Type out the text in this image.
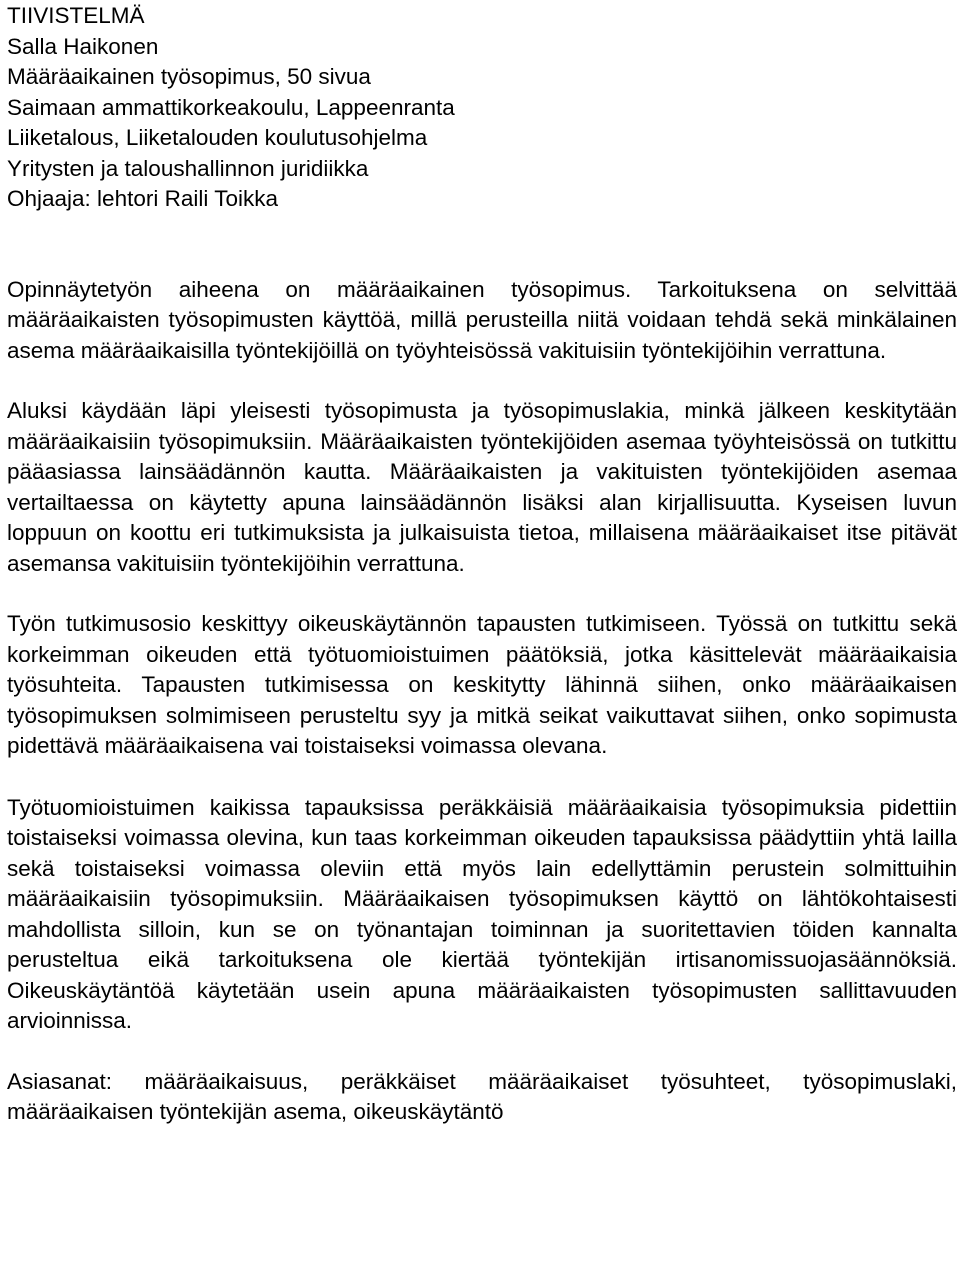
TIIVISTELMÄ
Salla Haikonen
Määräaikainen työsopimus, 50 sivua
Saimaan ammattikorkeakoulu, Lappeenranta
Liiketalous, Liiketalouden koulutusohjelma
Yritysten ja taloushallinnon juridiikka
Ohjaaja: lehtori Raili Toikka

Opinnäytetyön aiheena on määräaikainen työsopimus. Tarkoituksena on selvittää määräaikaisten työsopimusten käyttöä, millä perusteilla niitä voidaan tehdä sekä minkälainen asema määräaikaisilla työntekijöillä on työyhteisössä vakituisiin työntekijöihin verrattuna.

Aluksi käydään läpi yleisesti työsopimusta ja työsopimuslakia, minkä jälkeen keskitytään määräaikaisiin työsopimuksiin. Määräaikaisten työntekijöiden asemaa työyhteisössä on tutkittu pääasiassa lainsäädännön kautta. Määräaikaisten ja vakituisten työntekijöiden asemaa vertailtaessa on käytetty apuna lainsäädännön lisäksi alan kirjallisuutta. Kyseisen luvun loppuun on koottu eri tutkimuksista ja julkaisuista tietoa, millaisena määräaikaiset itse pitävät asemansa vakituisiin työntekijöihin verrattuna.

Työn tutkimusosio keskittyy oikeuskäytännön tapausten tutkimiseen. Työssä on tutkittu sekä korkeimman oikeuden että työtuomioistuimen päätöksiä, jotka käsittelevät määräaikaisia työsuhteita. Tapausten tutkimisessa on keskitytty lähinnä siihen, onko määräaikaisen työsopimuksen solmimiseen perusteltu syy ja mitkä seikat vaikuttavat siihen, onko sopimusta pidettävä määräaikaisena vai toistaiseksi voimassa olevana.

Työtuomioistuimen kaikissa tapauksissa peräkkäisiä määräaikaisia työsopimuksia pidettiin toistaiseksi voimassa olevina, kun taas korkeimman oikeuden tapauksissa päädyttiin yhtä lailla sekä toistaiseksi voimassa oleviin että myös lain edellyttämin perustein solmittuihin määräaikaisiin työsopimuksiin. Määräaikaisen työsopimuksen käyttö on lähtökohtaisesti mahdollista silloin, kun se on työnantajan toiminnan ja suoritettavien töiden kannalta perusteltua eikä tarkoituksena ole kiertää työntekijän irtisanomissuojasäännöksiä. Oikeuskäytäntöä käytetään usein apuna määräaikaisten työsopimusten sallittavuuden arvioinnissa.

Asiasanat: määräaikaisuus, peräkkäiset määräaikaiset työsuhteet, työsopimuslaki, määräaikaisen työntekijän asema, oikeuskäytäntö
